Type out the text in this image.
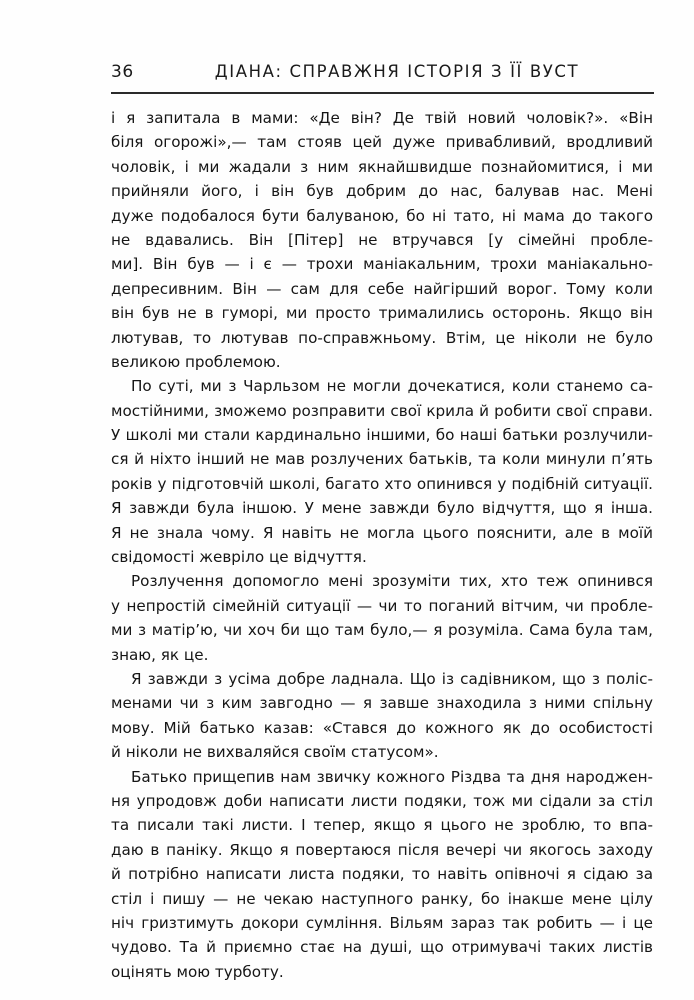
36	ДІАНА: СПРАВЖНЯ ІСТОРІЯ З ЇЇ ВУСТ
і я запитала в мами: «Де він? Де твій новий чоловік?». «Він
біля огорожі»,— там стояв цей дуже привабливий, вродливий
чоловік, і ми жадали з ним якнайшвидше познайомитися, і ми
прийняли його, і він був добрим до нас, балував нас. Мені
дуже подобалося бути балуваною, бо ні тато, ні мама до такого
не вдавались. Він [Пітер] не втручався [у сімейні пробле-
ми]. Він був — і є — трохи маніакальним, трохи маніакально-
депресивним. Він — сам для себе найгірший ворог. Тому коли
він був не в гуморі, ми просто трималились осторонь. Якщо він
лютував, то лютував по-справжньому. Втім, це ніколи не було
великою проблемою.
По суті, ми з Чарльзом не могли дочекатися, коли станемо са-
мостійними, зможемо розправити свої крила й робити свої справи.
У школі ми стали кардинально іншими, бо наші батьки розлучили-
ся й ніхто інший не мав розлучених батьків, та коли минули п’ять
років у підготовчій школі, багато хто опинився у подібній ситуації.
Я завжди була іншою. У мене завжди було відчуття, що я інша.
Я не знала чому. Я навіть не могла цього пояснити, але в моїй
свідомості жевріло це відчуття.
Розлучення допомогло мені зрозуміти тих, хто теж опинився
у непростій сімейній ситуації — чи то поганий вітчим, чи пробле-
ми з матір’ю, чи хоч би що там було,— я розуміла. Сама була там,
знаю, як це.
Я завжди з усіма добре ладнала. Що із садівником, що з поліс-
менами чи з ким завгодно — я завше знаходила з ними спільну
мову. Мій батько казав: «Стався до кожного як до особистості
й ніколи не вихваляйся своїм статусом».
Батько прищепив нам звичку кожного Різдва та дня народжен-
ня упродовж доби написати листи подяки, тож ми сідали за стіл
та писали такі листи. І тепер, якщо я цього не зроблю, то впа-
даю в паніку. Якщо я повертаюся після вечері чи якогось заходу
й потрібно написати листа подяки, то навіть опівночі я сідаю за
стіл і пишу — не чекаю наступного ранку, бо інакше мене цілу
ніч гризтимуть докори сумління. Вільям зараз так робить — і це
чудово. Та й приємно стає на душі, що отримувачі таких листів
оцінять мою турботу.
